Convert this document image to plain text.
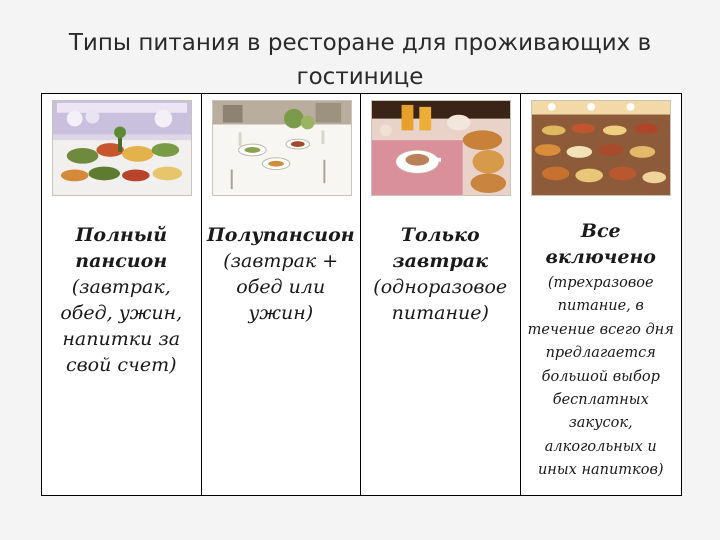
Типы питания в ресторане для проживающих в гостинице
Полный пансион
(завтрак, обед, ужин, напитки за свой счет)
Полупансион
(завтрак + обед или ужин)
Только завтрак
(одноразовое питание)
Все включено
(трехразовое питание, в течение всего дня предлагается большой выбор бесплатных закусок, алкогольных и иных напитков)
